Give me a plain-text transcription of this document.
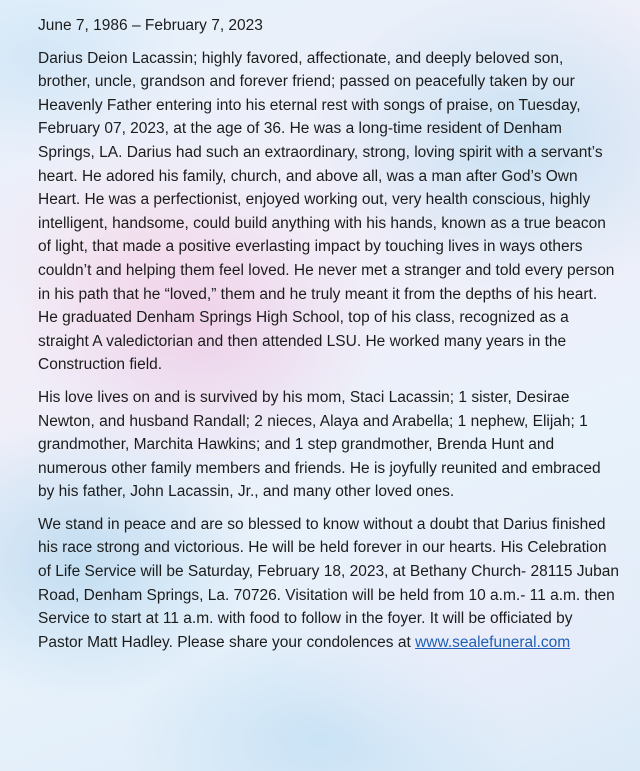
June 7, 1986 – February 7, 2023

Darius Deion Lacassin; highly favored, affectionate, and deeply beloved son, brother, uncle, grandson and forever friend; passed on peacefully taken by our Heavenly Father entering into his eternal rest with songs of praise, on Tuesday, February 07, 2023, at the age of 36. He was a long-time resident of Denham Springs, LA. Darius had such an extraordinary, strong, loving spirit with a servant’s heart. He adored his family, church, and above all, was a man after God’s Own Heart. He was a perfectionist, enjoyed working out, very health conscious, highly intelligent, handsome, could build anything with his hands, known as a true beacon of light, that made a positive everlasting impact by touching lives in ways others couldn’t and helping them feel loved. He never met a stranger and told every person in his path that he “loved,” them and he truly meant it from the depths of his heart. He graduated Denham Springs High School, top of his class, recognized as a straight A valedictorian and then attended LSU. He worked many years in the Construction field.

His love lives on and is survived by his mom, Staci Lacassin; 1 sister, Desirae Newton, and husband Randall; 2 nieces, Alaya and Arabella; 1 nephew, Elijah; 1 grandmother, Marchita Hawkins; and 1 step grandmother, Brenda Hunt and numerous other family members and friends. He is joyfully reunited and embraced by his father, John Lacassin, Jr., and many other loved ones.

We stand in peace and are so blessed to know without a doubt that Darius finished his race strong and victorious. He will be held forever in our hearts. His Celebration of Life Service will be Saturday, February 18, 2023, at Bethany Church- 28115 Juban Road, Denham Springs, La. 70726. Visitation will be held from 10 a.m.- 11 a.m. then Service to start at 11 a.m. with food to follow in the foyer. It will be officiated by Pastor Matt Hadley. Please share your condolences at www.sealefuneral.com
